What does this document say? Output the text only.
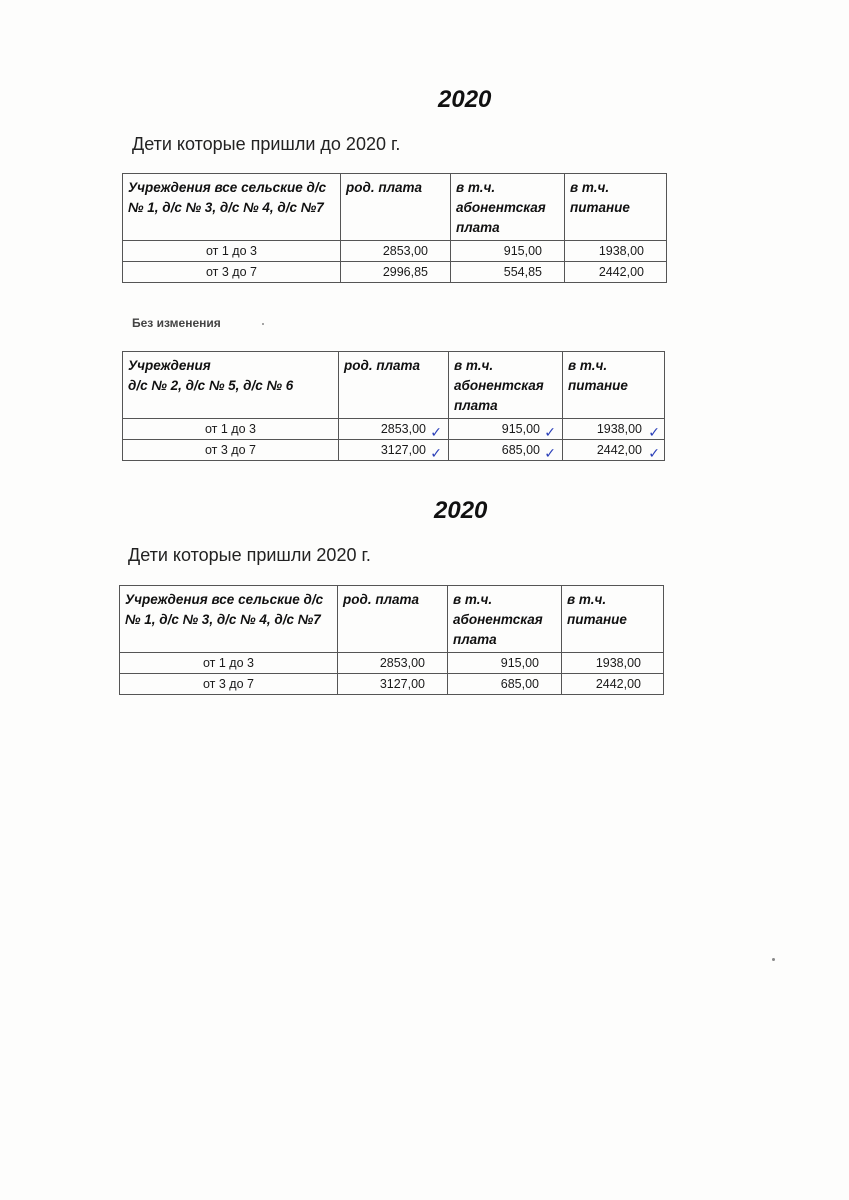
2020
Дети которые пришли до 2020 г.
Учреждения все сельские д/с № 1, д/с № 3, д/с № 4, д/с №7	род. плата	в т.ч. абонентская плата	в т.ч. питание
от 1 до 3	2853,00	915,00	1938,00
от 3 до 7	2996,85	554,85	2442,00
Без изменения
Учреждения
д/с № 2, д/с № 5, д/с № 6	род. плата	в т.ч. абонентская плата	в т.ч. питание
от 1 до 3	2853,00 ✓	915,00 ✓	1938,00 ✓

от 3 до 7	3127,00 ✓	685,00 ✓	2442,00 ✓
2020
Дети которые пришли 2020 г.
Учреждения все сельские д/с № 1, д/с № 3, д/с № 4, д/с №7	род. плата	в т.ч. абонентская плата	в т.ч. питание
от 1 до 3	2853,00	915,00	1938,00
от 3 до 7	3127,00	685,00	2442,00
